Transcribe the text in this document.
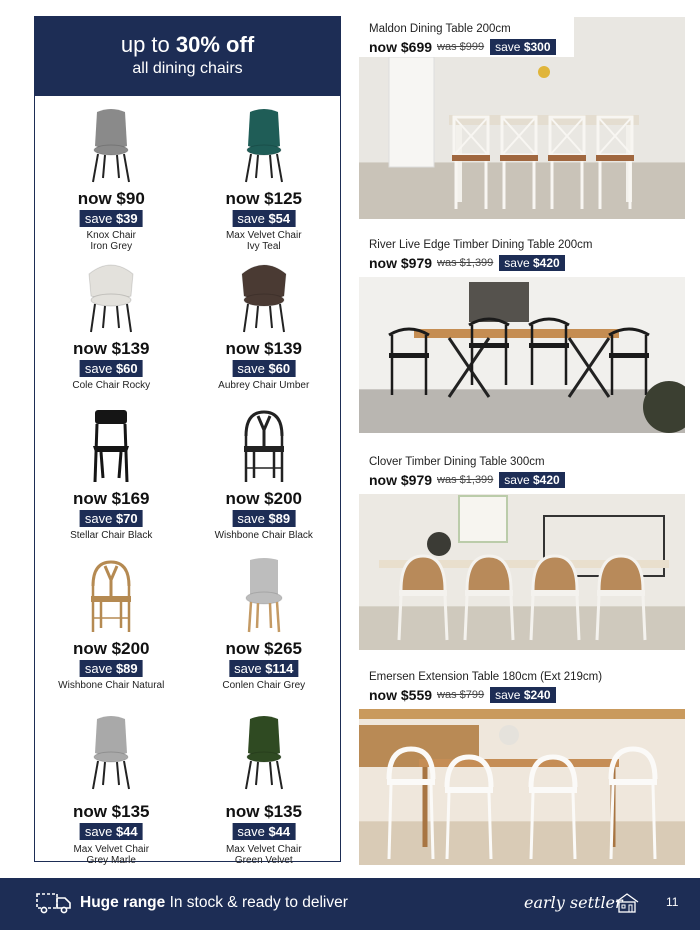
up to 30% off
all dining chairs
now $90
save $39
Knox Chair
Iron Grey
now $125
save $54
Max Velvet Chair
Ivy Teal
now $139
save $60
Cole Chair Rocky
now $139
save $60
Aubrey Chair Umber
now $169
save $70
Stellar Chair Black
now $200
save $89
Wishbone Chair Black
now $200
save $89
Wishbone Chair Natural
now $265
save $114
Conlen Chair Grey
now $135
save $44
Max Velvet Chair
Grey Marle
now $135
save $44
Max Velvet Chair
Green Velvet
Maldon Dining Table 200cm
now $699 was $999 save $300
River Live Edge Timber Dining Table 200cm
now $979 was $1,399 save $420
Clover Timber Dining Table 300cm
now $979 was $1,399 save $420
Emersen Extension Table 180cm (Ext 219cm)
now $559 was $799 save $240
Huge range In stock & ready to deliver	early settler	11
